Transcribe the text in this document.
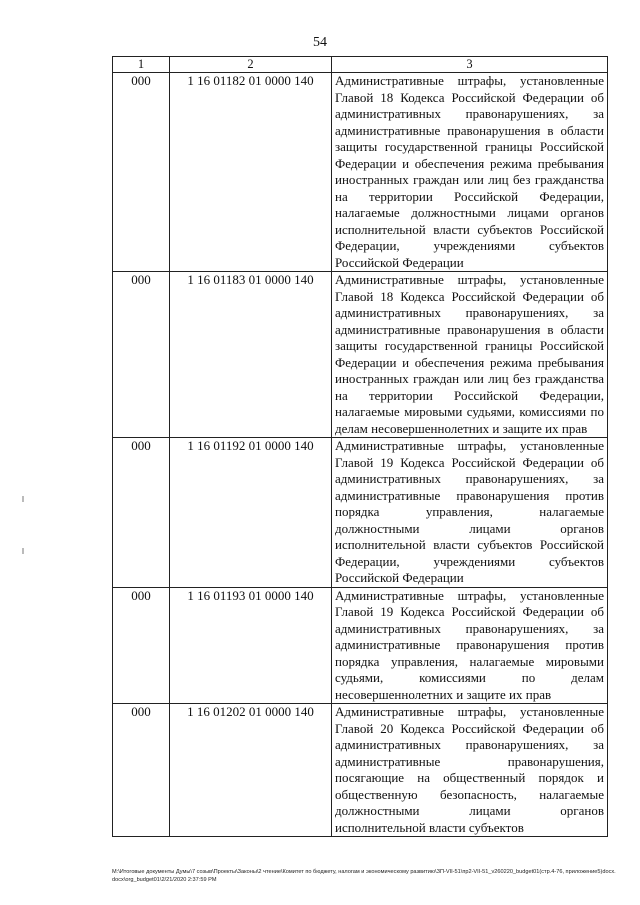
54
1	2	3
000	1 16 01182 01 0000 140	Административные штрафы, установленные Главой 18 Кодекса Российской Федерации об административных правонарушениях, за административные правонарушения в области защиты государственной границы Российской Федерации и обеспечения режима пребывания иностранных граждан или лиц без гражданства на территории Российской Федерации, налагаемые должностными лицами органов исполнительной власти субъектов Российской Федерации, учреждениями субъектов Российской Федерации
000	1 16 01183 01 0000 140	Административные штрафы, установленные Главой 18 Кодекса Российской Федерации об административных правонарушениях, за административные правонарушения в области защиты государственной границы Российской Федерации и обеспечения режима пребывания иностранных граждан или лиц без гражданства на территории Российской Федерации, налагаемые мировыми судьями, комиссиями по делам несовершеннолетних и защите их прав
000	1 16 01192 01 0000 140	Административные штрафы, установленные Главой 19 Кодекса Российской Федерации об административных правонарушениях, за административные правонарушения против порядка управления, налагаемые должностными лицами органов исполнительной власти субъектов Российской Федерации, учреждениями субъектов Российской Федерации
000	1 16 01193 01 0000 140	Административные штрафы, установленные Главой 19 Кодекса Российской Федерации об административных правонарушениях, за административные правонарушения против порядка управления, налагаемые мировыми судьями, комиссиями по делам несовершеннолетних и защите их прав
000	1 16 01202 01 0000 140	Административные штрафы, установленные Главой 20 Кодекса Российской Федерации об административных правонарушениях, за административные правонарушения, посягающие на общественный порядок и общественную безопасность, налагаемые должностными лицами органов исполнительной власти субъектов
M:\Итоговые документы Думы\7 созыв\Проекты\Законы\2 чтение\Комитет по бюджету, налогам и экономическому развитию\ЗП-VII-51\пр2-VII-51_v260220_budget01(стр.4-76, приложение5)docx.docx\org_budget01\2/21/2020 2:37:59 PM
